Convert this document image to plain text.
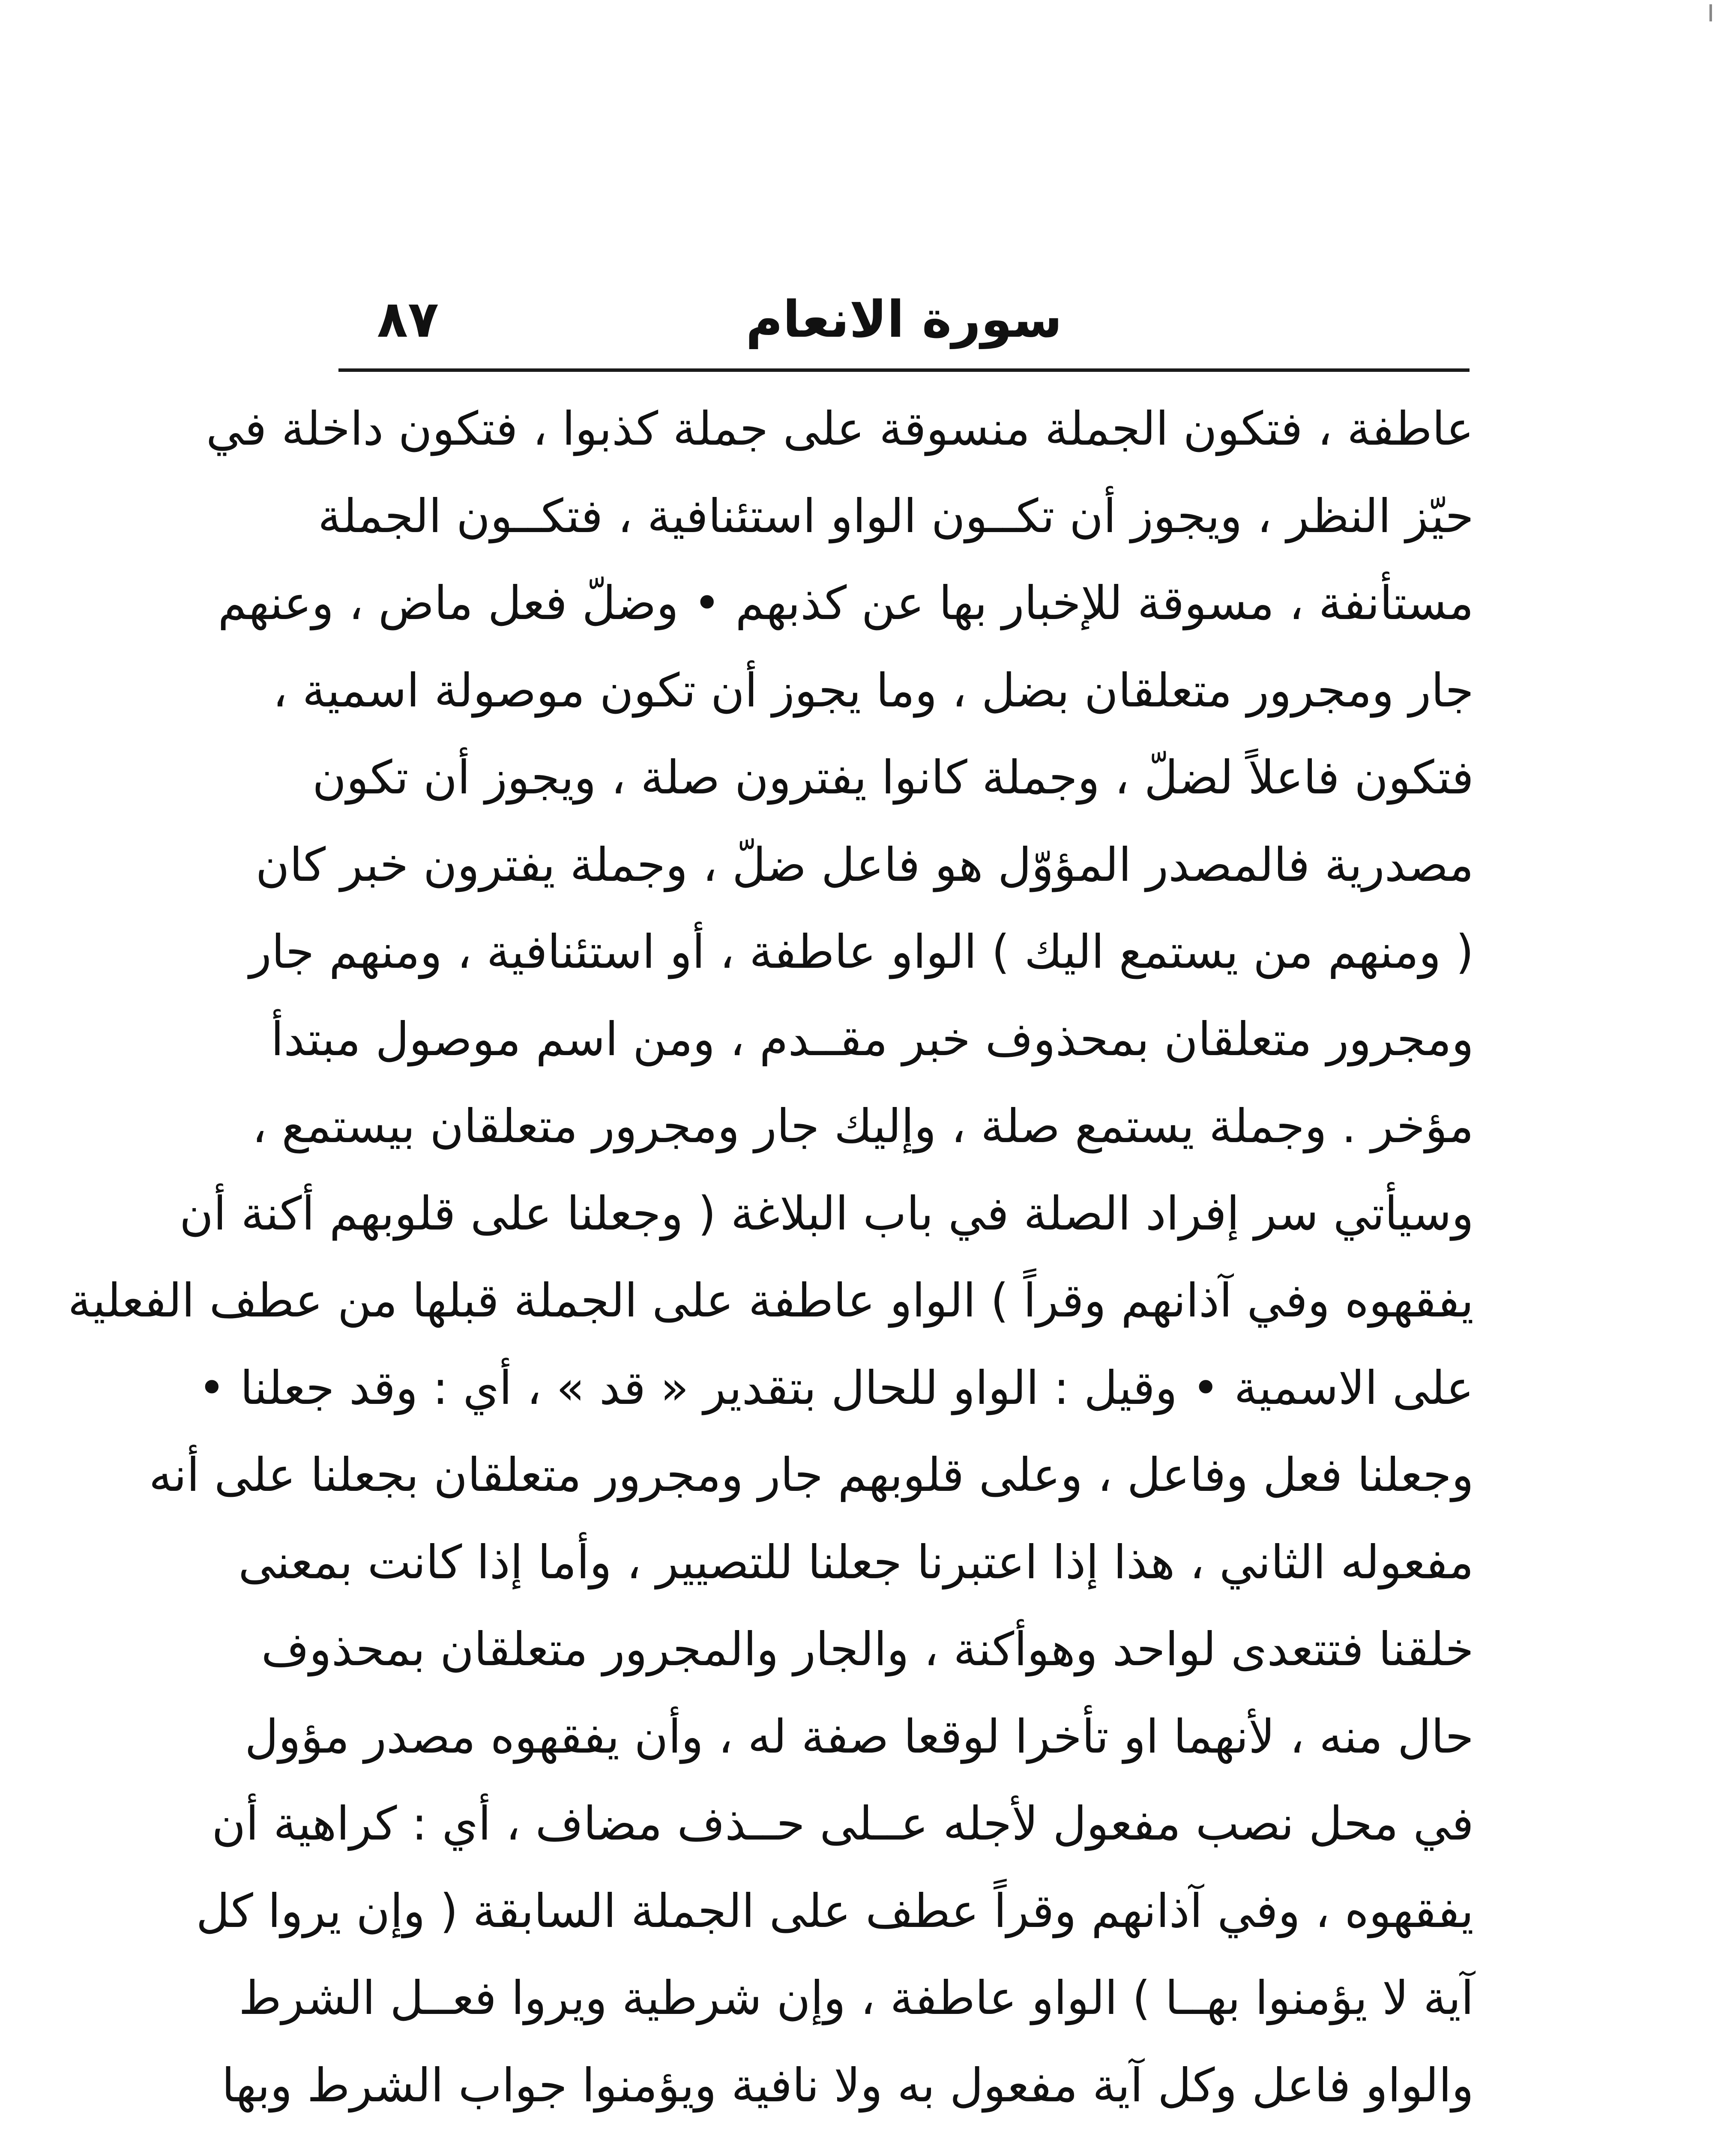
سورة الانعام
٨٧
عاطفة ، فتكون الجملة منسوقة على جملة كذبوا ، فتكون داخلة في
حيّز النظر ، ويجوز أن تكــون الواو استئنافية ، فتكــون الجملة
مستأنفة ، مسوقة للإخبار بها عن كذبهم • وضلّ فعل ماض ، وعنهم
جار ومجرور متعلقان بضل ، وما يجوز أن تكون موصولة اسمية ،
فتكون فاعلاً لضلّ ، وجملة كانوا يفترون صلة ، ويجوز أن تكون
مصدرية فالمصدر المؤوّل هو فاعل ضلّ ، وجملة يفترون خبر كان
( ومنهم من يستمع اليك ) الواو عاطفة ، أو استئنافية ، ومنهم جار
ومجرور متعلقان بمحذوف خبر مقــدم ، ومن اسم موصول مبتدأ
مؤخر . وجملة يستمع صلة ، وإليك جار ومجرور متعلقان بيستمع ،
وسيأتي سر إفراد الصلة في باب البلاغة ( وجعلنا على قلوبهم أكنة أن
يفقهوه وفي آذانهم وقراً ) الواو عاطفة على الجملة قبلها من عطف الفعلية
على الاسمية • وقيل : الواو للحال بتقدير « قد » ، أي : وقد جعلنا •
وجعلنا فعل وفاعل ، وعلى قلوبهم جار ومجرور متعلقان بجعلنا على أنه
مفعوله الثاني ، هذا إذا اعتبرنا جعلنا للتصيير ، وأما إذا كانت بمعنى
خلقنا فتتعدى لواحد وهوأكنة ، والجار والمجرور متعلقان بمحذوف
حال منه ، لأنهما او تأخرا لوقعا صفة له ، وأن يفقهوه مصدر مؤول
في محل نصب مفعول لأجله عــلى حــذف مضاف ، أي : كراهية أن
يفقهوه ، وفي آذانهم وقراً عطف على الجملة السابقة ( وإن يروا كل
آية لا يؤمنوا بهــا ) الواو عاطفة ، وإن شرطية ويروا فعــل الشرط
والواو فاعل وكل آية مفعول به ولا نافية ويؤمنوا جواب الشرط وبها
